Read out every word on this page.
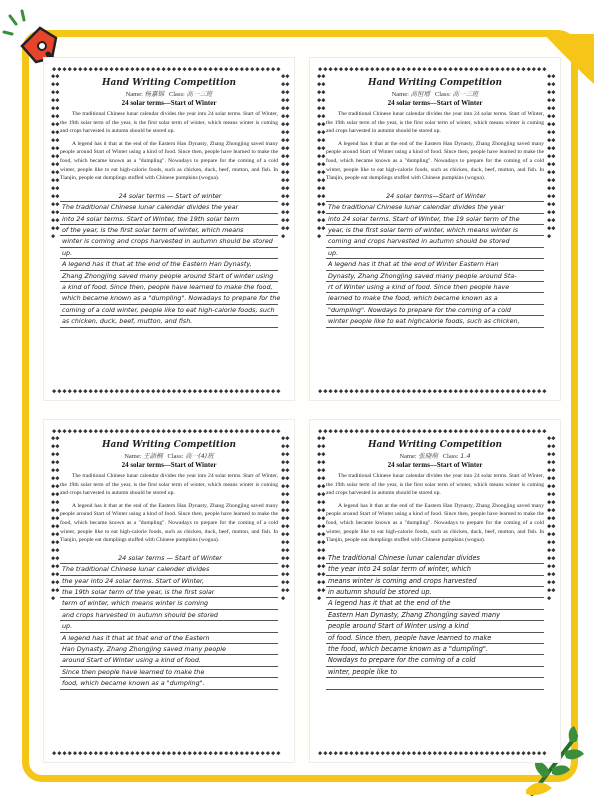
◆︎◆︎◆︎◆︎◆︎◆︎◆︎◆︎◆︎◆︎◆︎◆︎◆︎◆︎◆︎◆︎◆︎◆︎◆︎◆︎◆︎◆︎◆︎◆︎◆︎◆︎◆︎◆︎◆︎◆︎◆︎◆︎◆︎◆︎◆︎◆︎◆︎◆︎◆︎◆︎◆︎◆︎◆︎◆︎
◆︎◆︎◆︎◆︎◆︎◆︎◆︎◆︎◆︎◆︎◆︎◆︎◆︎◆︎◆︎◆︎◆︎◆︎◆︎◆︎◆︎◆︎◆︎◆︎◆︎◆︎◆︎◆︎◆︎◆︎◆︎◆︎◆︎◆︎◆︎◆︎◆︎◆︎◆︎◆︎◆︎◆︎◆︎◆︎
◆︎◆︎◆︎◆︎◆︎◆︎◆︎◆︎◆︎◆︎◆︎◆︎◆︎◆︎◆︎◆︎◆︎◆︎◆︎◆︎◆︎◆︎◆︎◆︎◆︎◆︎◆︎◆︎◆︎◆︎◆︎◆︎◆︎◆︎◆︎◆︎◆︎◆︎◆︎◆︎◆︎
◆︎◆︎◆︎◆︎◆︎◆︎◆︎◆︎◆︎◆︎◆︎◆︎◆︎◆︎◆︎◆︎◆︎◆︎◆︎◆︎◆︎◆︎◆︎◆︎◆︎◆︎◆︎◆︎◆︎◆︎◆︎◆︎◆︎◆︎◆︎◆︎◆︎◆︎◆︎◆︎◆︎
Hand Writing Competition
Name: 杨嘉锦 Class: 高一三班
24 solar terms—Start of Winter

The traditional Chinese lunar calendar divides the year into 24 solar terms. Start of Winter, the 19th solar term of the year, is the first solar term of winter, which means winter is coming and crops harvested in autumn should be stored up.

A legend has it that at the end of the Eastern Han Dynasty, Zhang Zhongjing saved many people around Start of Winter using a kind of food. Since then, people have learned to make the food, which became known as a "dumpling". Nowadays to prepare for the coming of a cold winter, people like to eat high-calorie foods, such as chicken, duck, beef, mutton, and fish. In Tianjin, people eat dumplings stuffed with Chinese pumpkins (wogua).

24 solar terms — Start of winter
The traditional Chinese lunar calendar divides the year
into 24 solar terms. Start of Winter, the 19th solar term
of the year, is the first solar term of winter, which means
winter is coming and crops harvested in autumn should be stored
up.
A legend has it that at the end of the Eastern Han Dynasty,
Zhang Zhongjing saved many people around Start of winter using
a kind of food. Since then, people have learned to make the food,
which became known as a "dumpling". Nowadays to prepare for the
coming of a cold winter, people like to eat high-calorie foods, such
as chicken, duck, beef, mutton, and fish.
◆︎◆︎◆︎◆︎◆︎◆︎◆︎◆︎◆︎◆︎◆︎◆︎◆︎◆︎◆︎◆︎◆︎◆︎◆︎◆︎◆︎◆︎◆︎◆︎◆︎◆︎◆︎◆︎◆︎◆︎◆︎◆︎◆︎◆︎◆︎◆︎◆︎◆︎◆︎◆︎◆︎◆︎◆︎◆︎
◆︎◆︎◆︎◆︎◆︎◆︎◆︎◆︎◆︎◆︎◆︎◆︎◆︎◆︎◆︎◆︎◆︎◆︎◆︎◆︎◆︎◆︎◆︎◆︎◆︎◆︎◆︎◆︎◆︎◆︎◆︎◆︎◆︎◆︎◆︎◆︎◆︎◆︎◆︎◆︎◆︎◆︎◆︎◆︎
◆︎◆︎◆︎◆︎◆︎◆︎◆︎◆︎◆︎◆︎◆︎◆︎◆︎◆︎◆︎◆︎◆︎◆︎◆︎◆︎◆︎◆︎◆︎◆︎◆︎◆︎◆︎◆︎◆︎◆︎◆︎◆︎◆︎◆︎◆︎◆︎◆︎◆︎◆︎◆︎◆︎
◆︎◆︎◆︎◆︎◆︎◆︎◆︎◆︎◆︎◆︎◆︎◆︎◆︎◆︎◆︎◆︎◆︎◆︎◆︎◆︎◆︎◆︎◆︎◆︎◆︎◆︎◆︎◆︎◆︎◆︎◆︎◆︎◆︎◆︎◆︎◆︎◆︎◆︎◆︎◆︎◆︎
Hand Writing Competition
Name: 高恒增 Class: 高一三班
24 solar terms—Start of Winter

The traditional Chinese lunar calendar divides the year into 24 solar terms. Start of Winter, the 19th solar term of the year, is the first solar term of winter, which means winter is coming and crops harvested in autumn should be stored up.

A legend has it that at the end of the Eastern Han Dynasty, Zhang Zhongjing saved many people around Start of Winter using a kind of food. Since then, people have learned to make the food, which became known as a "dumpling". Nowadays to prepare for the coming of a cold winter, people like to eat high-calorie foods, such as chicken, duck, beef, mutton, and fish. In Tianjin, people eat dumplings stuffed with Chinese pumpkins (wogua).

24 solar terms—Start of Winter
The traditional Chinese lunar calendar divides the year
into 24 solar terms. Start of Winter, the 19 solar term of the
year, is the first solar term of winter, which means winter is
coming and crops harvested in autumn should be stored
up.
A legend has it that at the end of Winter Eastern Han
Dynasty, Zhang Zhongjing saved many people around Sta-
rt of Winter using a kind of food. Since then people have
learned to make the food, which became known as a
"dumpling". Nowdays to prepare for the coming of a cold
winter people like to eat highcalorie foods, such as chicken,
◆︎◆︎◆︎◆︎◆︎◆︎◆︎◆︎◆︎◆︎◆︎◆︎◆︎◆︎◆︎◆︎◆︎◆︎◆︎◆︎◆︎◆︎◆︎◆︎◆︎◆︎◆︎◆︎◆︎◆︎◆︎◆︎◆︎◆︎◆︎◆︎◆︎◆︎◆︎◆︎◆︎◆︎◆︎◆︎
◆︎◆︎◆︎◆︎◆︎◆︎◆︎◆︎◆︎◆︎◆︎◆︎◆︎◆︎◆︎◆︎◆︎◆︎◆︎◆︎◆︎◆︎◆︎◆︎◆︎◆︎◆︎◆︎◆︎◆︎◆︎◆︎◆︎◆︎◆︎◆︎◆︎◆︎◆︎◆︎◆︎◆︎◆︎◆︎
◆︎◆︎◆︎◆︎◆︎◆︎◆︎◆︎◆︎◆︎◆︎◆︎◆︎◆︎◆︎◆︎◆︎◆︎◆︎◆︎◆︎◆︎◆︎◆︎◆︎◆︎◆︎◆︎◆︎◆︎◆︎◆︎◆︎◆︎◆︎◆︎◆︎◆︎◆︎◆︎◆︎
◆︎◆︎◆︎◆︎◆︎◆︎◆︎◆︎◆︎◆︎◆︎◆︎◆︎◆︎◆︎◆︎◆︎◆︎◆︎◆︎◆︎◆︎◆︎◆︎◆︎◆︎◆︎◆︎◆︎◆︎◆︎◆︎◆︎◆︎◆︎◆︎◆︎◆︎◆︎◆︎◆︎
Hand Writing Competition
Name: 王語桐 Class: 高一(4)班
24 solar terms—Start of Winter

The traditional Chinese lunar calendar divides the year into 24 solar terms. Start of Winter, the 19th solar term of the year, is the first solar term of winter, which means winter is coming and crops harvested in autumn should be stored up.

A legend has it that at the end of the Eastern Han Dynasty, Zhang Zhongjing saved many people around Start of Winter using a kind of food. Since then, people have learned to make the food, which became known as a "dumpling". Nowadays to prepare for the coming of a cold winter, people like to eat high-calorie foods, such as chicken, duck, beef, mutton, and fish. In Tianjin, people eat dumplings stuffed with Chinese pumpkins (wogua).

24 solar terms — Start of Winter
The traditional Chinese lunar calender divides
the year into 24 solar terms. Start of Winter,
the 19th solar term of the year, is the first solar
term of winter, which means winter is coming
and crops harvested in autumn should be stored
up.
A legend has it that at that end of the Eastern
Han Dynasty, Zhang Zhongjing saved many people
around Start of Winter using a kind of food.
Since then people have learned to make the
food, which became known as a "dumpling".
◆︎◆︎◆︎◆︎◆︎◆︎◆︎◆︎◆︎◆︎◆︎◆︎◆︎◆︎◆︎◆︎◆︎◆︎◆︎◆︎◆︎◆︎◆︎◆︎◆︎◆︎◆︎◆︎◆︎◆︎◆︎◆︎◆︎◆︎◆︎◆︎◆︎◆︎◆︎◆︎◆︎◆︎◆︎◆︎
◆︎◆︎◆︎◆︎◆︎◆︎◆︎◆︎◆︎◆︎◆︎◆︎◆︎◆︎◆︎◆︎◆︎◆︎◆︎◆︎◆︎◆︎◆︎◆︎◆︎◆︎◆︎◆︎◆︎◆︎◆︎◆︎◆︎◆︎◆︎◆︎◆︎◆︎◆︎◆︎◆︎◆︎◆︎◆︎
◆︎◆︎◆︎◆︎◆︎◆︎◆︎◆︎◆︎◆︎◆︎◆︎◆︎◆︎◆︎◆︎◆︎◆︎◆︎◆︎◆︎◆︎◆︎◆︎◆︎◆︎◆︎◆︎◆︎◆︎◆︎◆︎◆︎◆︎◆︎◆︎◆︎◆︎◆︎◆︎◆︎
◆︎◆︎◆︎◆︎◆︎◆︎◆︎◆︎◆︎◆︎◆︎◆︎◆︎◆︎◆︎◆︎◆︎◆︎◆︎◆︎◆︎◆︎◆︎◆︎◆︎◆︎◆︎◆︎◆︎◆︎◆︎◆︎◆︎◆︎◆︎◆︎◆︎◆︎◆︎◆︎◆︎
Hand Writing Competition
Name: 张晓萌 Class: 1.4
24 solar terms—Start of Winter

The traditional Chinese lunar calendar divides the year into 24 solar terms. Start of Winter, the 19th solar term of the year, is the first solar term of winter, which means winter is coming and crops harvested in autumn should be stored up.

A legend has it that at the end of the Eastern Han Dynasty, Zhang Zhongjing saved many people around Start of Winter using a kind of food. Since then, people have learned to make the food, which became known as a "dumpling". Nowadays to prepare for the coming of a cold winter, people like to eat high-calorie foods, such as chicken, duck, beef, mutton, and fish. In Tianjin, people eat dumplings stuffed with Chinese pumpkins (wogua).

The traditional Chinese lunar calendar divides
the year into 24 solar term of winter, which
means winter is coming and crops harvested
in autumn should be stored up.
A legend has it that at the end of the
Eastern Han Dynasty, Zhang Zhongjing saved many
people around Start of Winter using a kind
of food. Since then, people have learned to make
the food, which became known as a "dumpling".
Nowdays to prepare for the coming of a cold
winter, people like to
